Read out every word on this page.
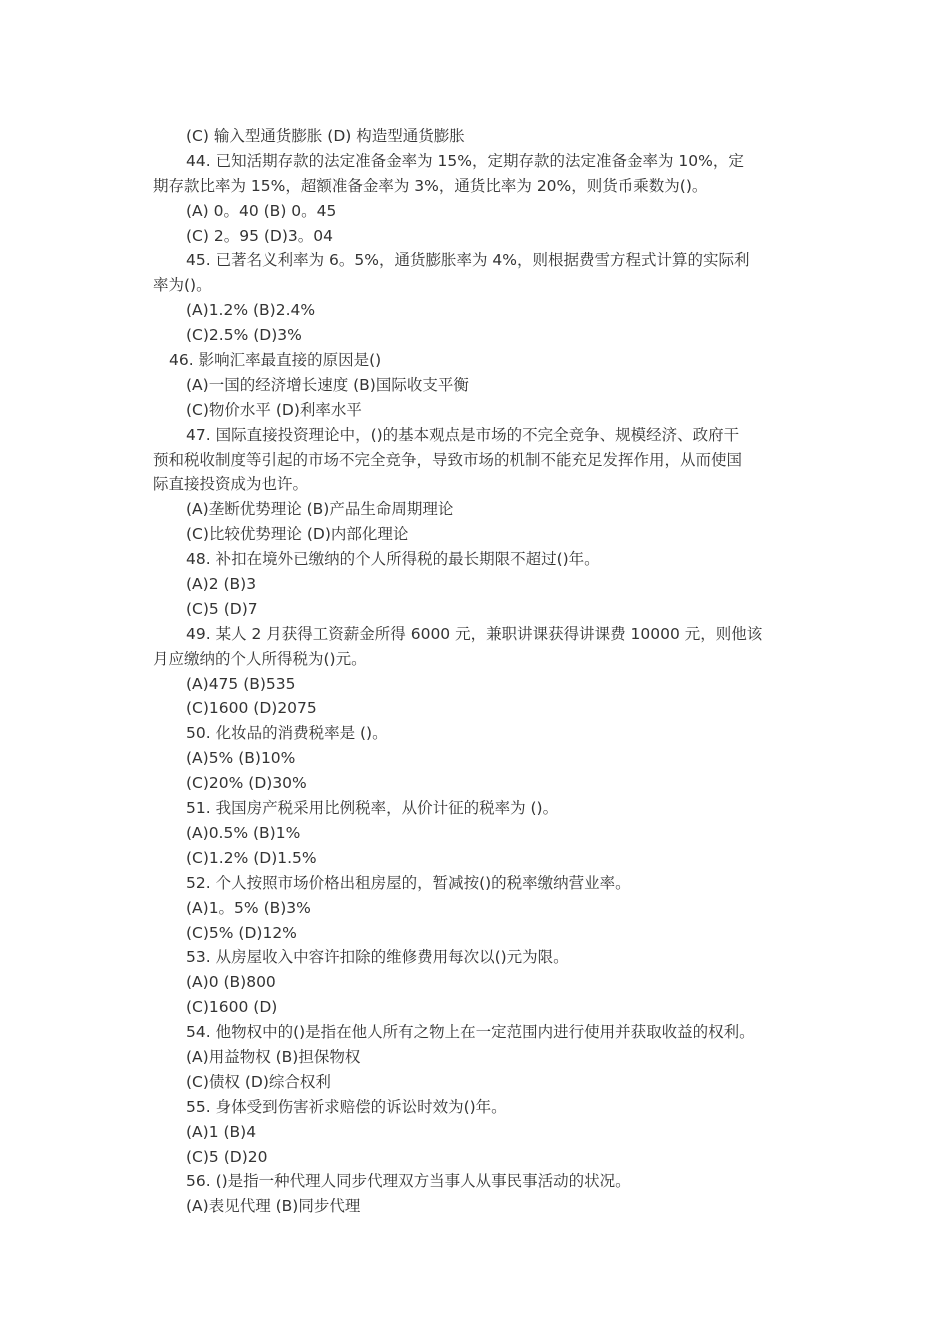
(C) 输入型通货膨胀 (D) 构造型通货膨胀

44. 已知活期存款的法定准备金率为 15%，定期存款的法定准备金率为 10%，定

期存款比率为 15%，超额准备金率为 3%，通货比率为 20%，则货币乘数为()。

(A) 0。40 (B) 0。45

(C) 2。95 (D)3。04

45. 已著名义利率为 6。5%，通货膨胀率为 4%，则根据费雪方程式计算的实际利

率为()。

(A)1.2% (B)2.4%

(C)2.5% (D)3%

46. 影响汇率最直接的原因是()

(A)一国的经济增长速度 (B)国际收支平衡

(C)物价水平 (D)利率水平

47. 国际直接投资理论中，()的基本观点是市场的不完全竞争、规模经济、政府干

预和税收制度等引起的市场不完全竞争，导致市场的机制不能充足发挥作用，从而使国

际直接投资成为也许。

(A)垄断优势理论 (B)产品生命周期理论

(C)比较优势理论 (D)内部化理论

48. 补扣在境外已缴纳的个人所得税的最长期限不超过()年。

(A)2 (B)3

(C)5 (D)7

49. 某人 2 月获得工资薪金所得 6000 元，兼职讲课获得讲课费 10000 元，则他该

月应缴纳的个人所得税为()元。

(A)475 (B)535

(C)1600 (D)2075

50. 化妆品的消费税率是 ()。

(A)5% (B)10%

(C)20% (D)30%

51. 我国房产税采用比例税率，从价计征的税率为 ()。

(A)0.5% (B)1%

(C)1.2% (D)1.5%

52. 个人按照市场价格出租房屋的，暂减按()的税率缴纳营业率。

(A)1。5% (B)3%

(C)5% (D)12%

53. 从房屋收入中容许扣除的维修费用每次以()元为限。

(A)0 (B)800

(C)1600 (D)

54. 他物权中的()是指在他人所有之物上在一定范围内进行使用并获取收益的权利。

(A)用益物权 (B)担保物权

(C)债权 (D)综合权利

55. 身体受到伤害祈求赔偿的诉讼时效为()年。

(A)1 (B)4

(C)5 (D)20

56. ()是指一种代理人同步代理双方当事人从事民事活动的状况。

(A)表见代理 (B)同步代理
